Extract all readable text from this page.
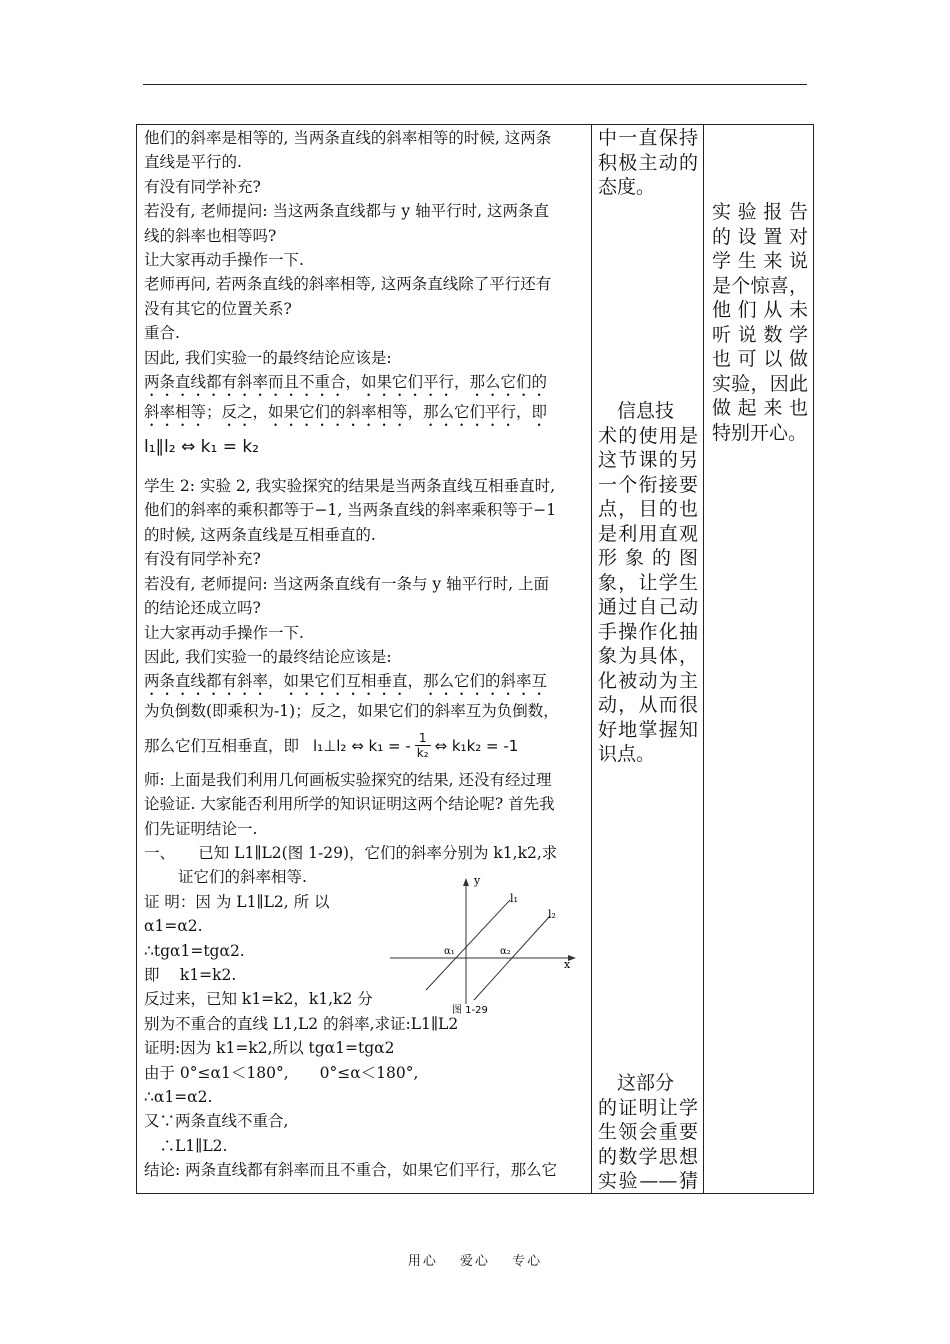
他们的斜率是相等的, 当两条直线的斜率相等的时候, 这两条
直线是平行的.
有没有同学补充?
若没有, 老师提问: 当这两条直线都与 y 轴平行时, 这两条直
线的斜率也相等吗?
让大家再动手操作一下.
老师再问, 若两条直线的斜率相等, 这两条直线除了平行还有
没有其它的位置关系?
重合.
因此, 我们实验一的最终结论应该是:
两条直线都有斜率而且不重合，如果它们平行，那么它们的
斜率相等；反之，如果它们的斜率相等，那么它们平行，即
l₁∥l₂ ⇔ k₁ = k₂
学生 2: 实验 2, 我实验探究的结果是当两条直线互相垂直时,
他们的斜率的乘积都等于−1, 当两条直线的斜率乘积等于−1
的时候, 这两条直线是互相垂直的.
有没有同学补充?
若没有, 老师提问: 当这两条直线有一条与 y 轴平行时, 上面
的结论还成立吗?
让大家再动手操作一下.
因此, 我们实验一的最终结论应该是:
两条直线都有斜率，如果它们互相垂直，那么它们的斜率互
为负倒数(即乘积为-1)；反之，如果它们的斜率互为负倒数，
那么它们互相垂直，即 l₁⊥l₂ ⇔ k₁ = - $\frac{1}{\text{k₂}}$ ⇔ k₁k₂ = -1
师: 上面是我们利用几何画板实验探究的结果, 还没有经过理
论验证. 大家能否利用所学的知识证明这两个结论呢? 首先我
们先证明结论一.
一、　　已知 L1∥L2(图 1-29)，它们的斜率分别为 k1,k2,求
证它们的斜率相等.
证 明：因 为 L1∥L2, 所 以
α1=α2.
∴tgα1=tgα2.
即　 k1=k2.
反过来，已知 k1=k2，k1,k2 分
别为不重合的直线 L1,L2 的斜率,求证:L1∥L2
证明:因为 k1=k2,所以 tgα1=tgα2
由于 0°≤α1＜180°,　　0°≤α＜180°,
∴α1=α2.
又∵两条直线不重合,
　∴L1∥L2.
结论: 两条直线都有斜率而且不重合，如果它们平行，那么它
y
x
l₁
l₂
α₁	α₂
图 1-29
中一直保持
积极主动的
态度。
　信息技
术的使用是
这节课的另
一个衔接要
点，目的也
是利用直观
形 象 的 图
象，让学生
通过自己动
手操作化抽
象为具体，
化被动为主
动，从而很
好地掌握知
识点。
　这部分
的证明让学
生领会重要
的数学思想
实验——猜
实 验 报 告
的 设 置 对
学 生 来 说
是个惊喜，
他 们 从 未
听 说 数 学
也 可 以 做
实验，因此
做 起 来 也
特别开心。
用心 爱心 专心
